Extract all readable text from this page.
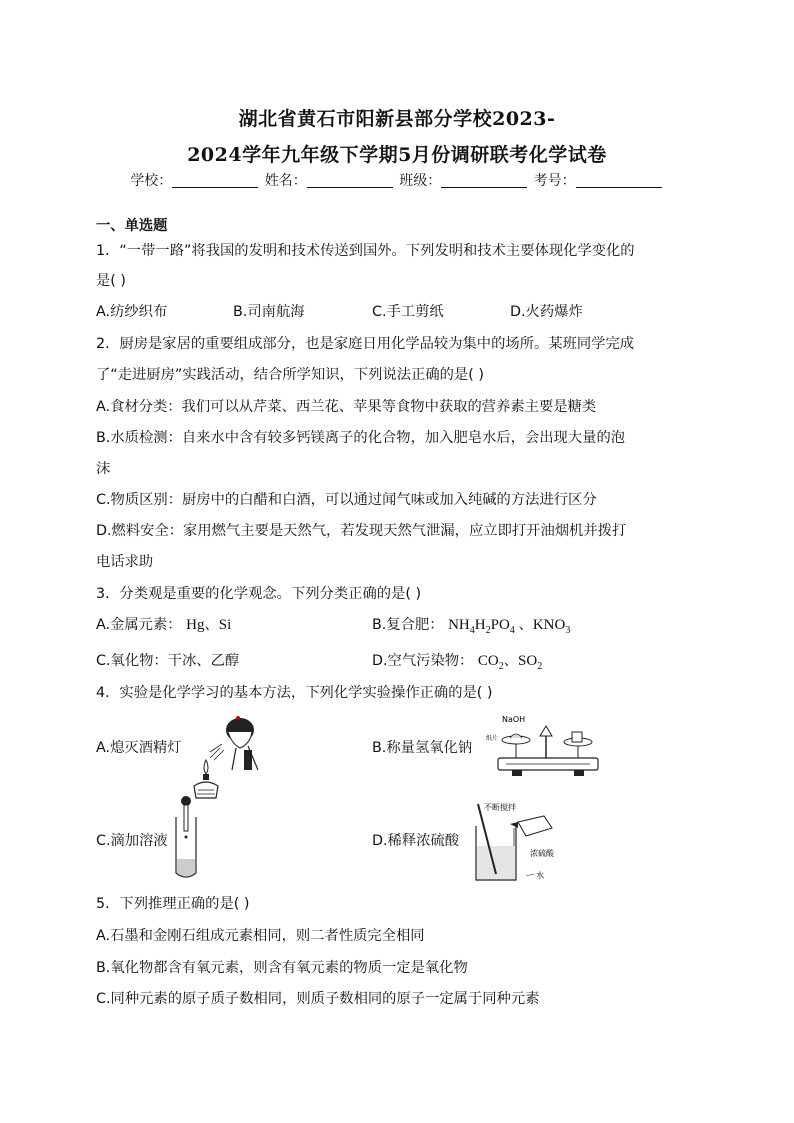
湖北省黄石市阳新县部分学校2023-
2024学年九年级下学期5月份调研联考化学试卷
学校：	姓名：	班级：	考号：
一、单选题
1．“一带一路”将我国的发明和技术传送到国外。下列发明和技术主要体现化学变化的
是( )
A.纺纱织布	B.司南航海	C.手工剪纸	D.火药爆炸
2．厨房是家居的重要组成部分，也是家庭日用化学品较为集中的场所。某班同学完成
了“走进厨房”实践活动，结合所学知识，下列说法正确的是( )
A.食材分类：我们可以从芹菜、西兰花、苹果等食物中获取的营养素主要是糖类
B.水质检测：自来水中含有较多钙镁离子的化合物，加入肥皂水后，会出现大量的泡
沫
C.物质区别：厨房中的白醋和白酒，可以通过闻气味或加入纯碱的方法进行区分
D.燃料安全：家用燃气主要是天然气，若发现天然气泄漏，应立即打开油烟机并拨打
电话求助
3．分类观是重要的化学观念。下列分类正确的是( )
A.金属元素： Hg、Si	B.复合肥： $NH_4H_2PO_4$ 、$KNO_3$
C.氧化物：干冰、乙醇	D.空气污染物： $CO_2$、$SO_2$
4．实验是化学学习的基本方法，下列化学实验操作正确的是( )
A.熄灭酒精灯	B.称量氢氧化钠
NaOH
纸片
C.滴加溶液	D.稀释浓硫酸
不断搅拌
浓硫酸
水
5．下列推理正确的是( )
A.石墨和金刚石组成元素相同，则二者性质完全相同
B.氧化物都含有氧元素，则含有氧元素的物质一定是氧化物
C.同种元素的原子质子数相同，则质子数相同的原子一定属于同种元素
